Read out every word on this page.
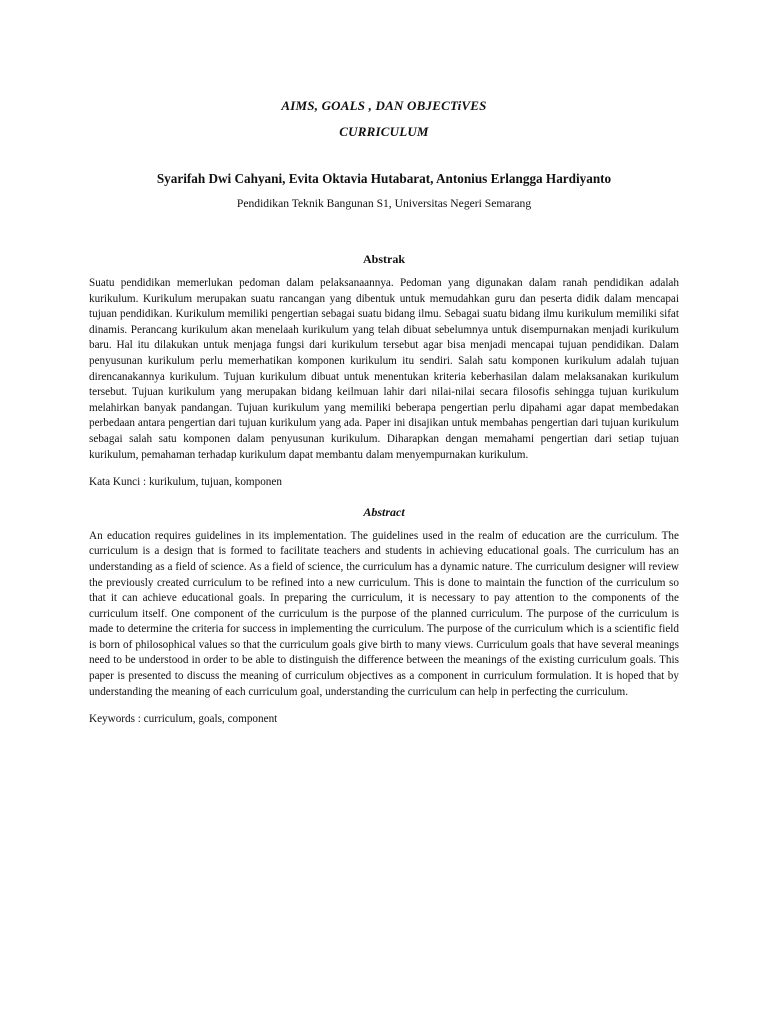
AIMS, GOALS , DAN OBJECTiVES
CURRICULUM
Syarifah Dwi Cahyani, Evita Oktavia Hutabarat, Antonius Erlangga Hardiyanto
Pendidikan Teknik Bangunan S1, Universitas Negeri Semarang
Abstrak
Suatu pendidikan memerlukan pedoman dalam pelaksanaannya. Pedoman yang digunakan dalam ranah pendidikan adalah kurikulum. Kurikulum merupakan suatu rancangan yang dibentuk untuk memudahkan guru dan peserta didik dalam mencapai tujuan pendidikan. Kurikulum memiliki pengertian sebagai suatu bidang ilmu. Sebagai suatu bidang ilmu kurikulum memiliki sifat dinamis. Perancang kurikulum akan menelaah kurikulum yang telah dibuat sebelumnya untuk disempurnakan menjadi kurikulum baru. Hal itu dilakukan untuk menjaga fungsi dari kurikulum tersebut agar bisa menjadi mencapai tujuan pendidikan. Dalam penyusunan kurikulum perlu memerhatikan komponen kurikulum itu sendiri. Salah satu komponen kurikulum adalah tujuan direncanakannya kurikulum. Tujuan kurikulum dibuat untuk menentukan kriteria keberhasilan dalam melaksanakan kurikulum tersebut. Tujuan kurikulum yang merupakan bidang keilmuan lahir dari nilai-nilai secara filosofis sehingga tujuan kurikulum melahirkan banyak pandangan. Tujuan kurikulum yang memiliki beberapa pengertian perlu dipahami agar dapat membedakan perbedaan antara pengertian dari tujuan kurikulum yang ada. Paper ini disajikan untuk membahas pengertian dari tujuan kurikulum sebagai salah satu komponen dalam penyusunan kurikulum. Diharapkan dengan memahami pengertian dari setiap tujuan kurikulum, pemahaman terhadap kurikulum dapat membantu dalam menyempurnakan kurikulum.
Kata Kunci : kurikulum, tujuan, komponen
Abstract
An education requires guidelines in its implementation. The guidelines used in the realm of education are the curriculum. The curriculum is a design that is formed to facilitate teachers and students in achieving educational goals. The curriculum has an understanding as a field of science. As a field of science, the curriculum has a dynamic nature. The curriculum designer will review the previously created curriculum to be refined into a new curriculum. This is done to maintain the function of the curriculum so that it can achieve educational goals. In preparing the curriculum, it is necessary to pay attention to the components of the curriculum itself. One component of the curriculum is the purpose of the planned curriculum. The purpose of the curriculum is made to determine the criteria for success in implementing the curriculum. The purpose of the curriculum which is a scientific field is born of philosophical values so that the curriculum goals give birth to many views. Curriculum goals that have several meanings need to be understood in order to be able to distinguish the difference between the meanings of the existing curriculum goals. This paper is presented to discuss the meaning of curriculum objectives as a component in curriculum formulation. It is hoped that by understanding the meaning of each curriculum goal, understanding the curriculum can help in perfecting the curriculum.
Keywords : curriculum, goals, component
